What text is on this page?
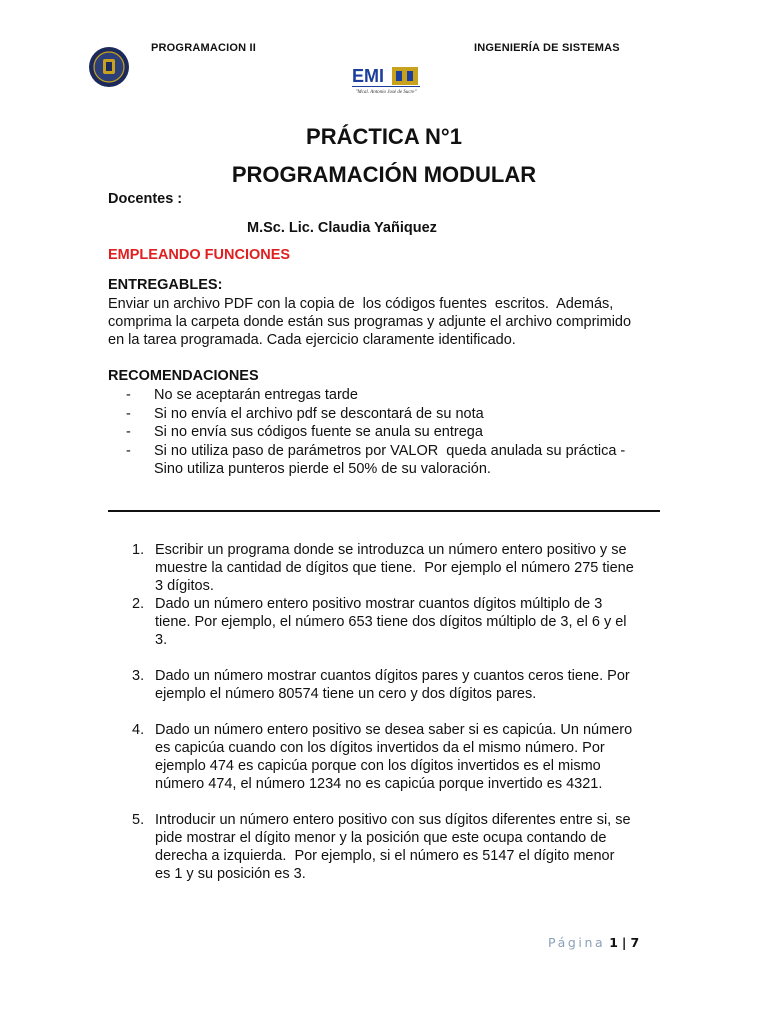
PROGRAMACION II	INGENIERÍA DE SISTEMAS
EMI
"Mcal. Antonio José de Sucre"
PRÁCTICA N°1
PROGRAMACIÓN MODULAR
Docentes :
M.Sc. Lic. Claudia Yañiquez
EMPLEANDO FUNCIONES
ENTREGABLES:
Enviar un archivo PDF con la copia de  los códigos fuentes  escritos.  Además,
comprima la carpeta donde están sus programas y adjunte el archivo comprimido
en la tarea programada. Cada ejercicio claramente identificado.
RECOMENDACIONES
- No se aceptarán entregas tarde
- Si no envía el archivo pdf se descontará de su nota
- Si no envía sus códigos fuente se anula su entrega
- Si no utiliza paso de parámetros por VALOR  queda anulada su práctica -
Sino utiliza punteros pierde el 50% de su valoración.
1. Escribir un programa donde se introduzca un número entero positivo y se
muestre la cantidad de dígitos que tiene.  Por ejemplo el número 275 tiene
3 dígitos.
2. Dado un número entero positivo mostrar cuantos dígitos múltiplo de 3
tiene. Por ejemplo, el número 653 tiene dos dígitos múltiplo de 3, el 6 y el
3.
3. Dado un número mostrar cuantos dígitos pares y cuantos ceros tiene. Por
ejemplo el número 80574 tiene un cero y dos dígitos pares.
4. Dado un número entero positivo se desea saber si es capicúa. Un número
es capicúa cuando con los dígitos invertidos da el mismo número. Por
ejemplo 474 es capicúa porque con los dígitos invertidos es el mismo
número 474, el número 1234 no es capicúa porque invertido es 4321.
5. Introducir un número entero positivo con sus dígitos diferentes entre si, se
pide mostrar el dígito menor y la posición que este ocupa contando de
derecha a izquierda.  Por ejemplo, si el número es 5147 el dígito menor
es 1 y su posición es 3.
Página 1 | 7
